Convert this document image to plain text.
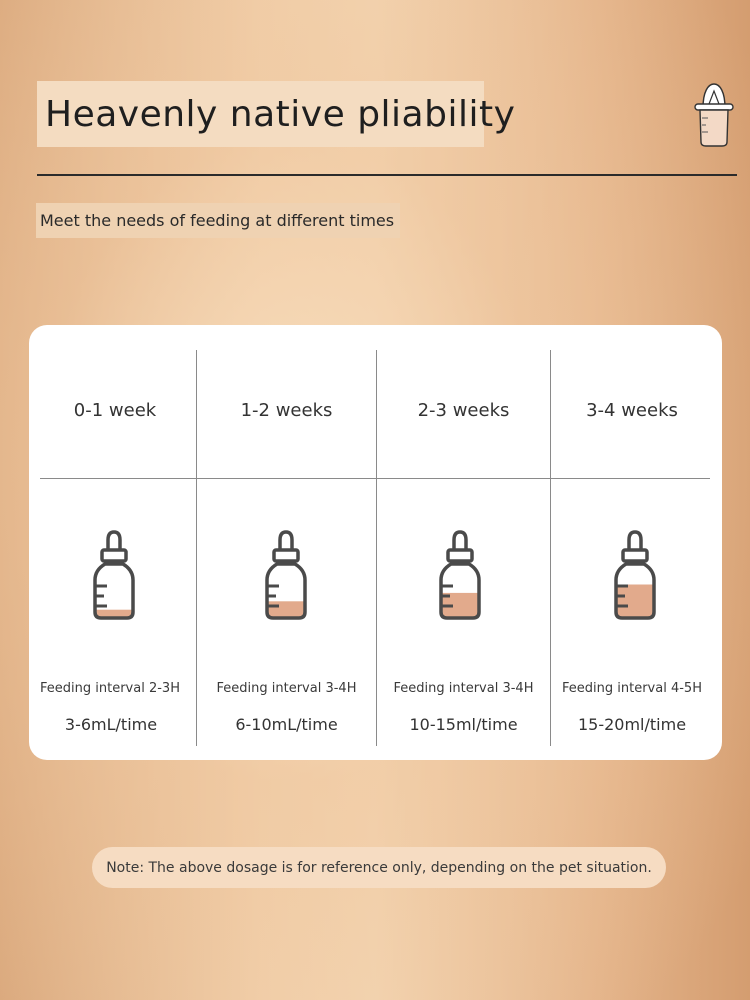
Heavenly native pliability
Meet the needs of feeding at different times
0-1 week
Feeding interval 2-3H
3-6mL/time
1-2 weeks
Feeding interval 3-4H
6-10mL/time
2-3 weeks
Feeding interval 3-4H
10-15ml/time
3-4 weeks
Feeding interval 4-5H
15-20ml/time
Note: The above dosage is for reference only, depending on the pet situation.
